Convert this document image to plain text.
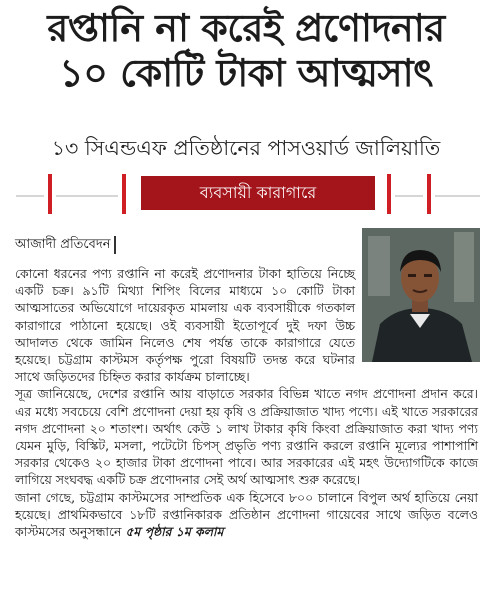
রপ্তানি না করেই প্রণোদনার
১০ কোটি টাকা আত্মসাৎ
১৩ সিএন্ডএফ প্রতিষ্ঠানের পাসওয়ার্ড জালিয়াতি
ব্যবসায়ী কারাগারে
আজাদী প্রতিবেদন

কোনো ধরনের পণ্য রপ্তানি না করেই প্রণোদনার টাকা হাতিয়ে নিচ্ছে একটি চক্র। ৯১টি মিথ্যা শিপিং বিলের মাধ্যমে ১০ কোটি টাকা আত্মসাতের অভিযোগে দায়েরকৃত মামলায় এক ব্যবসায়ীকে গতকাল কারাগারে পাঠানো হয়েছে। ওই ব্যবসায়ী ইতোপূর্বে দুই দফা উচ্চ আদালত থেকে জামিন নিলেও শেষ পর্যন্ত তাকে কারাগারে যেতে হয়েছে। চট্টগ্রাম কাস্টমস কর্তৃপক্ষ পুরো বিষয়টি তদন্ত করে ঘটনার সাথে জড়িতদের চিহ্নিত করার কার্যক্রম চালাচ্ছে।

সূত্র জানিয়েছে, দেশের রপ্তানি আয় বাড়াতে সরকার বিভিন্ন খাতে নগদ প্রণোদনা প্রদান করে। এর মধ্যে সবচেয়ে বেশি প্রণোদনা দেয়া হয় কৃষি ও প্রক্রিয়াজাত খাদ্য পণ্যে। এই খাতে সরকারের নগদ প্রণোদনা ২০ শতাংশ। অর্থাৎ কেউ ১ লাখ টাকার কৃষি কিংবা প্রক্রিয়াজাত করা খাদ্য পণ্য যেমন মুড়ি, বিস্কিট, মসলা, পটেটো চিপস্‌ প্রভৃতি পণ্য রপ্তানি করলে রপ্তানি মূল্যের পাশাপাশি সরকার থেকেও ২০ হাজার টাকা প্রণোদনা পাবে। আর সরকারের এই মহৎ উদ্যোগটিকে কাজে লাগিয়ে সংঘবদ্ধ একটি চক্র প্রণোদনার সেই অর্থ আত্মসাৎ শুরু করেছে।

জানা গেছে, চট্টগ্রাম কাস্টমসের সাম্প্রতিক এক হিসেবে ৮০০ চালানে বিপুল অর্থ হাতিয়ে নেয়া হয়েছে। প্রাথমিকভাবে ১৮টি রপ্তানিকারক প্রতিষ্ঠান প্রণোদনা গায়েবের সাথে জড়িত বলেও কাস্টমসের অনুসন্ধানে ৫ম পৃষ্ঠার ১ম কলাম
